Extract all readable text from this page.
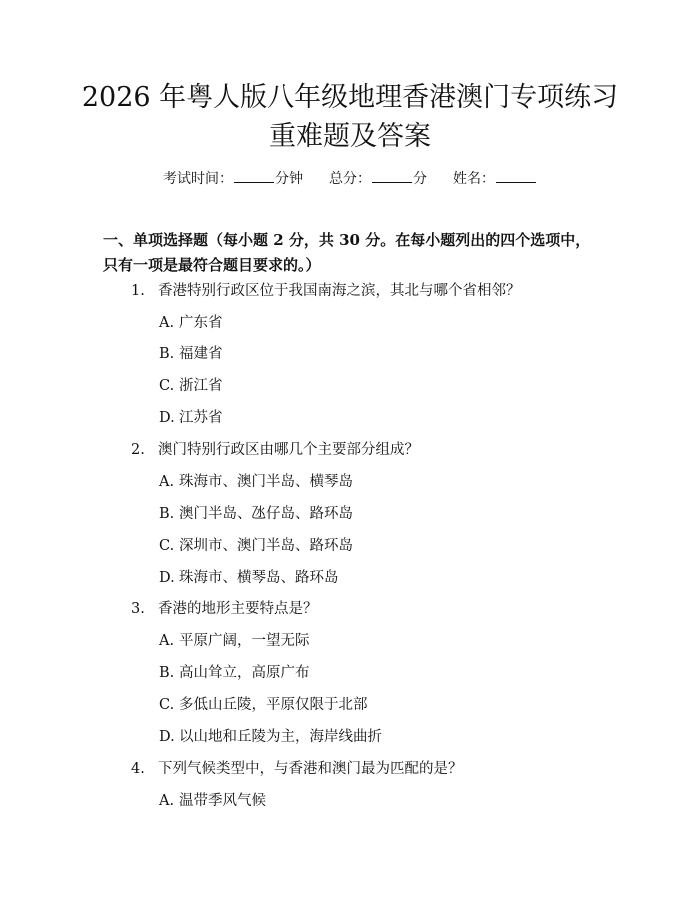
2026 年粤人版八年级地理香港澳门专项练习
重难题及答案
考试时间：	分钟 总分：	分 姓名：

一、单项选择题（每小题 2 分，共 30 分。在每小题列出的四个选项中，只有一项是最符合题目要求的。）

1. 香港特别行政区位于我国南海之滨，其北与哪个省相邻？
A. 广东省
B. 福建省
C. 浙江省
D. 江苏省
2. 澳门特别行政区由哪几个主要部分组成？
A. 珠海市、澳门半岛、横琴岛
B. 澳门半岛、氹仔岛、路环岛
C. 深圳市、澳门半岛、路环岛
D. 珠海市、横琴岛、路环岛
3. 香港的地形主要特点是？
A. 平原广阔，一望无际
B. 高山耸立，高原广布
C. 多低山丘陵，平原仅限于北部
D. 以山地和丘陵为主，海岸线曲折
4. 下列气候类型中，与香港和澳门最为匹配的是？
A. 温带季风气候
